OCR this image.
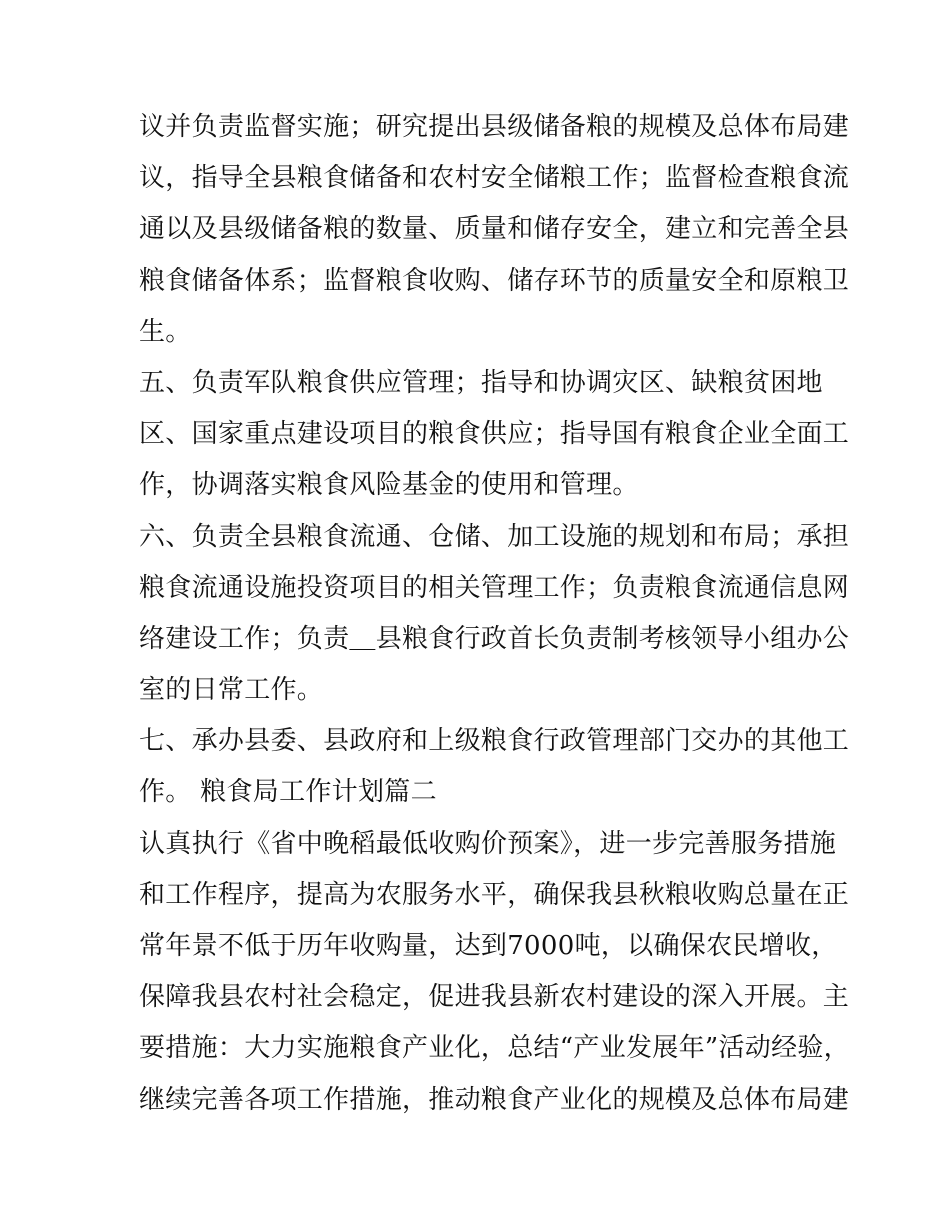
议并负责监督实施；研究提出县级储备粮的规模及总体布局建
议，指导全县粮食储备和农村安全储粮工作；监督检查粮食流
通以及县级储备粮的数量、质量和储存安全，建立和完善全县
粮食储备体系；监督粮食收购、储存环节的质量安全和原粮卫
生。
五、负责军队粮食供应管理；指导和协调灾区、缺粮贫困地
区、国家重点建设项目的粮食供应；指导国有粮食企业全面工
作，协调落实粮食风险基金的使用和管理。
六、负责全县粮食流通、仓储、加工设施的规划和布局；承担
粮食流通设施投资项目的相关管理工作；负责粮食流通信息网
络建设工作；负责＿县粮食行政首长负责制考核领导小组办公
室的日常工作。
七、承办县委、县政府和上级粮食行政管理部门交办的其他工
作。 粮食局工作计划篇二
认真执行《省中晚稻最低收购价预案》，进一步完善服务措施
和工作程序，提高为农服务水平，确保我县秋粮收购总量在正
常年景不低于历年收购量，达到7000吨，以确保农民增收，
保障我县农村社会稳定，促进我县新农村建设的深入开展。主
要措施：大力实施粮食产业化，总结“产业发展年”活动经验，
继续完善各项工作措施，推动粮食产业化的规模及总体布局建
